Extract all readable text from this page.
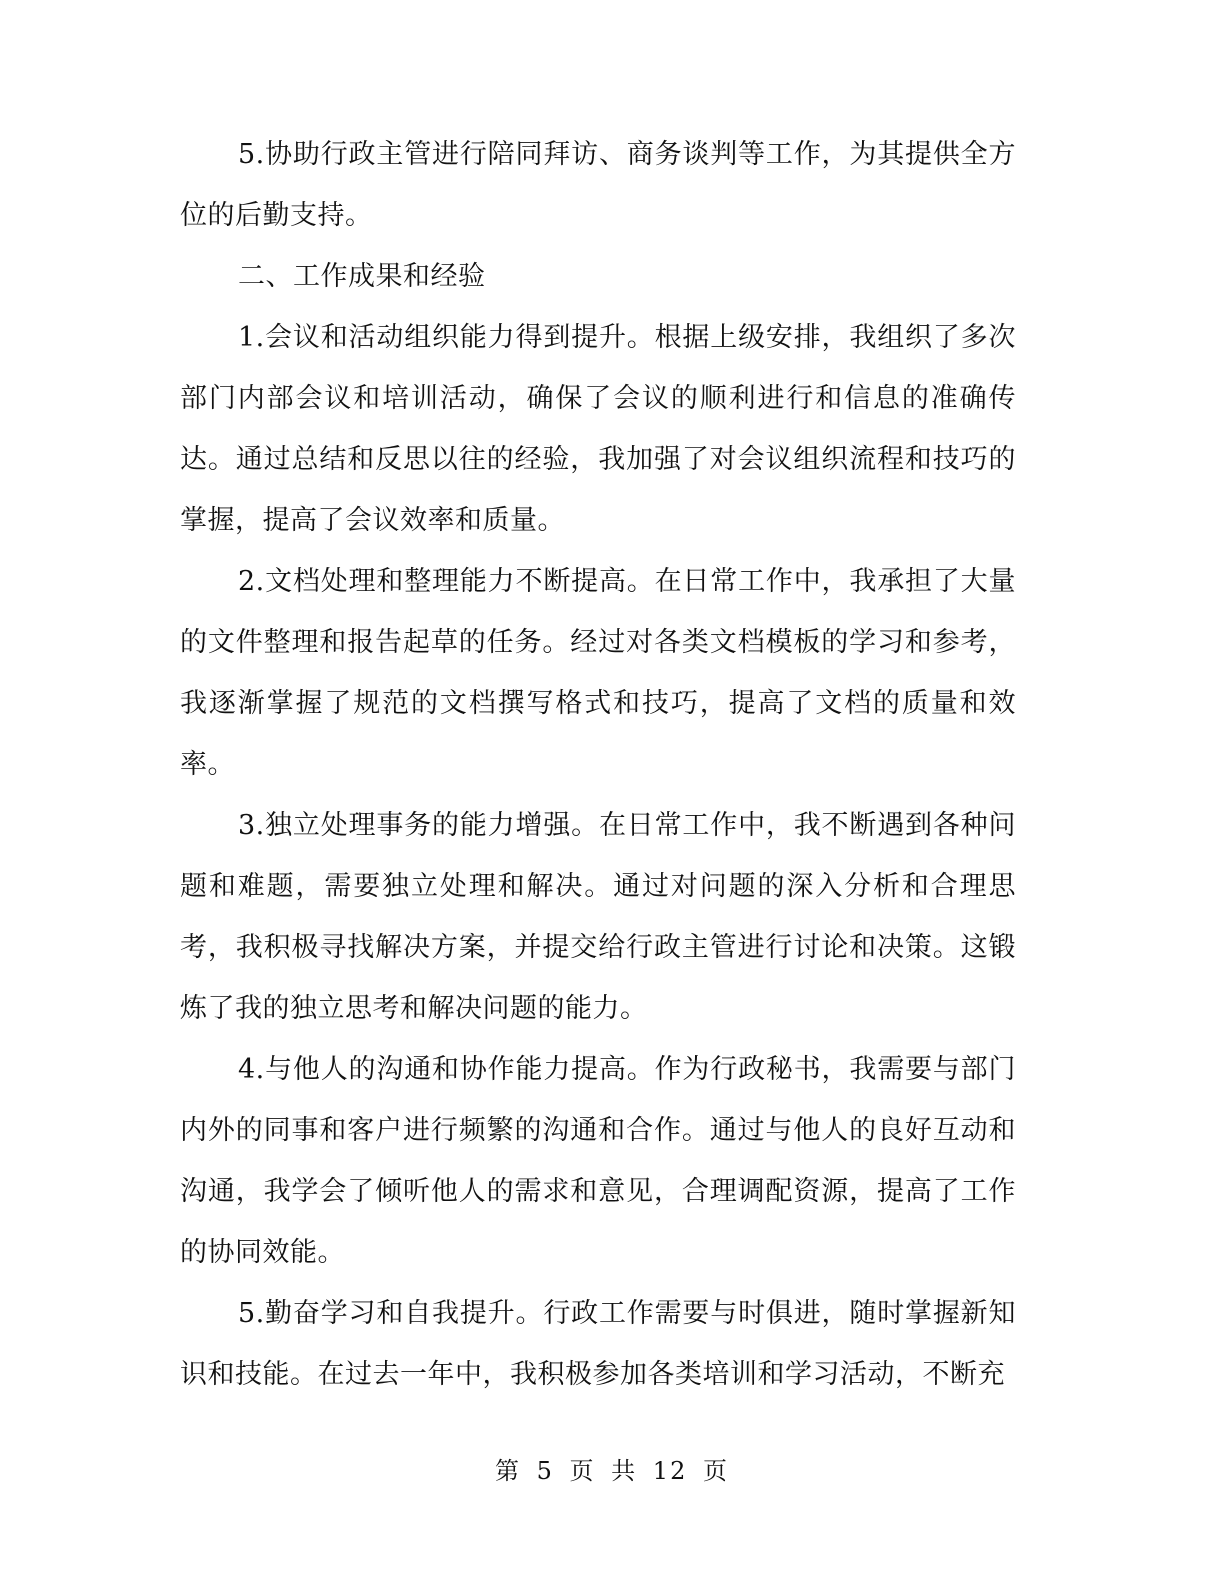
5.协助行政主管进行陪同拜访、商务谈判等工作，为其提供全方位的后勤支持。

二、工作成果和经验

1.会议和活动组织能力得到提升。根据上级安排，我组织了多次部门内部会议和培训活动，确保了会议的顺利进行和信息的准确传达。通过总结和反思以往的经验，我加强了对会议组织流程和技巧的掌握，提高了会议效率和质量。

2.文档处理和整理能力不断提高。在日常工作中，我承担了大量的文件整理和报告起草的任务。经过对各类文档模板的学习和参考，我逐渐掌握了规范的文档撰写格式和技巧，提高了文档的质量和效率。

3.独立处理事务的能力增强。在日常工作中，我不断遇到各种问题和难题，需要独立处理和解决。通过对问题的深入分析和合理思考，我积极寻找解决方案，并提交给行政主管进行讨论和决策。这锻炼了我的独立思考和解决问题的能力。

4.与他人的沟通和协作能力提高。作为行政秘书，我需要与部门内外的同事和客户进行频繁的沟通和合作。通过与他人的良好互动和沟通，我学会了倾听他人的需求和意见，合理调配资源，提高了工作的协同效能。

5.勤奋学习和自我提升。行政工作需要与时俱进，随时掌握新知识和技能。在过去一年中，我积极参加各类培训和学习活动，不断充

第 5 页 共 12 页
